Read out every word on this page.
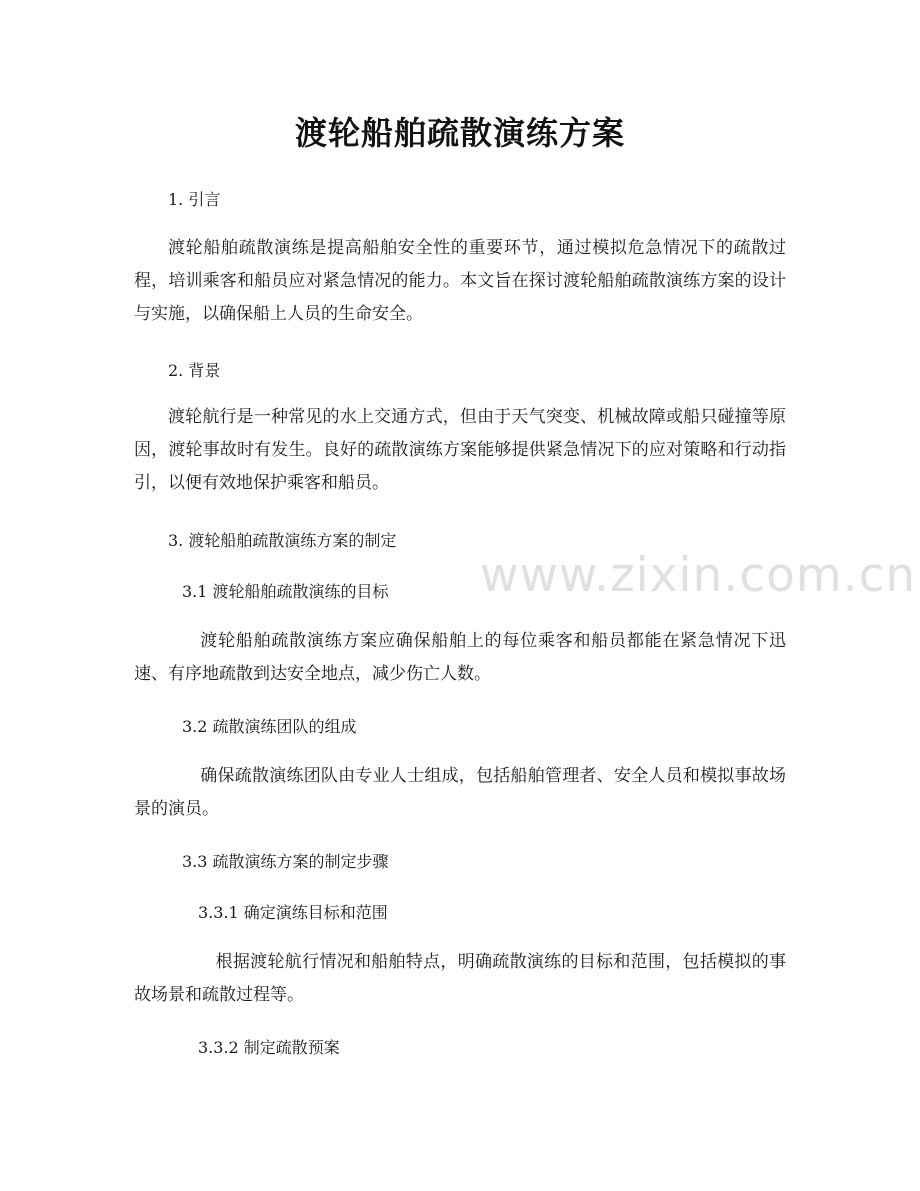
www.zixin.com.cn
渡轮船舶疏散演练方案
1. 引言
渡轮船舶疏散演练是提高船舶安全性的重要环节，通过模拟危急情况下的疏散过程，培训乘客和船员应对紧急情况的能力。本文旨在探讨渡轮船舶疏散演练方案的设计与实施，以确保船上人员的生命安全。
2. 背景
渡轮航行是一种常见的水上交通方式，但由于天气突变、机械故障或船只碰撞等原因，渡轮事故时有发生。良好的疏散演练方案能够提供紧急情况下的应对策略和行动指引，以便有效地保护乘客和船员。
3. 渡轮船舶疏散演练方案的制定
3.1 渡轮船舶疏散演练的目标
渡轮船舶疏散演练方案应确保船舶上的每位乘客和船员都能在紧急情况下迅速、有序地疏散到达安全地点，减少伤亡人数。
3.2 疏散演练团队的组成
确保疏散演练团队由专业人士组成，包括船舶管理者、安全人员和模拟事故场景的演员。
3.3 疏散演练方案的制定步骤
3.3.1 确定演练目标和范围
根据渡轮航行情况和船舶特点，明确疏散演练的目标和范围，包括模拟的事故场景和疏散过程等。
3.3.2 制定疏散预案
